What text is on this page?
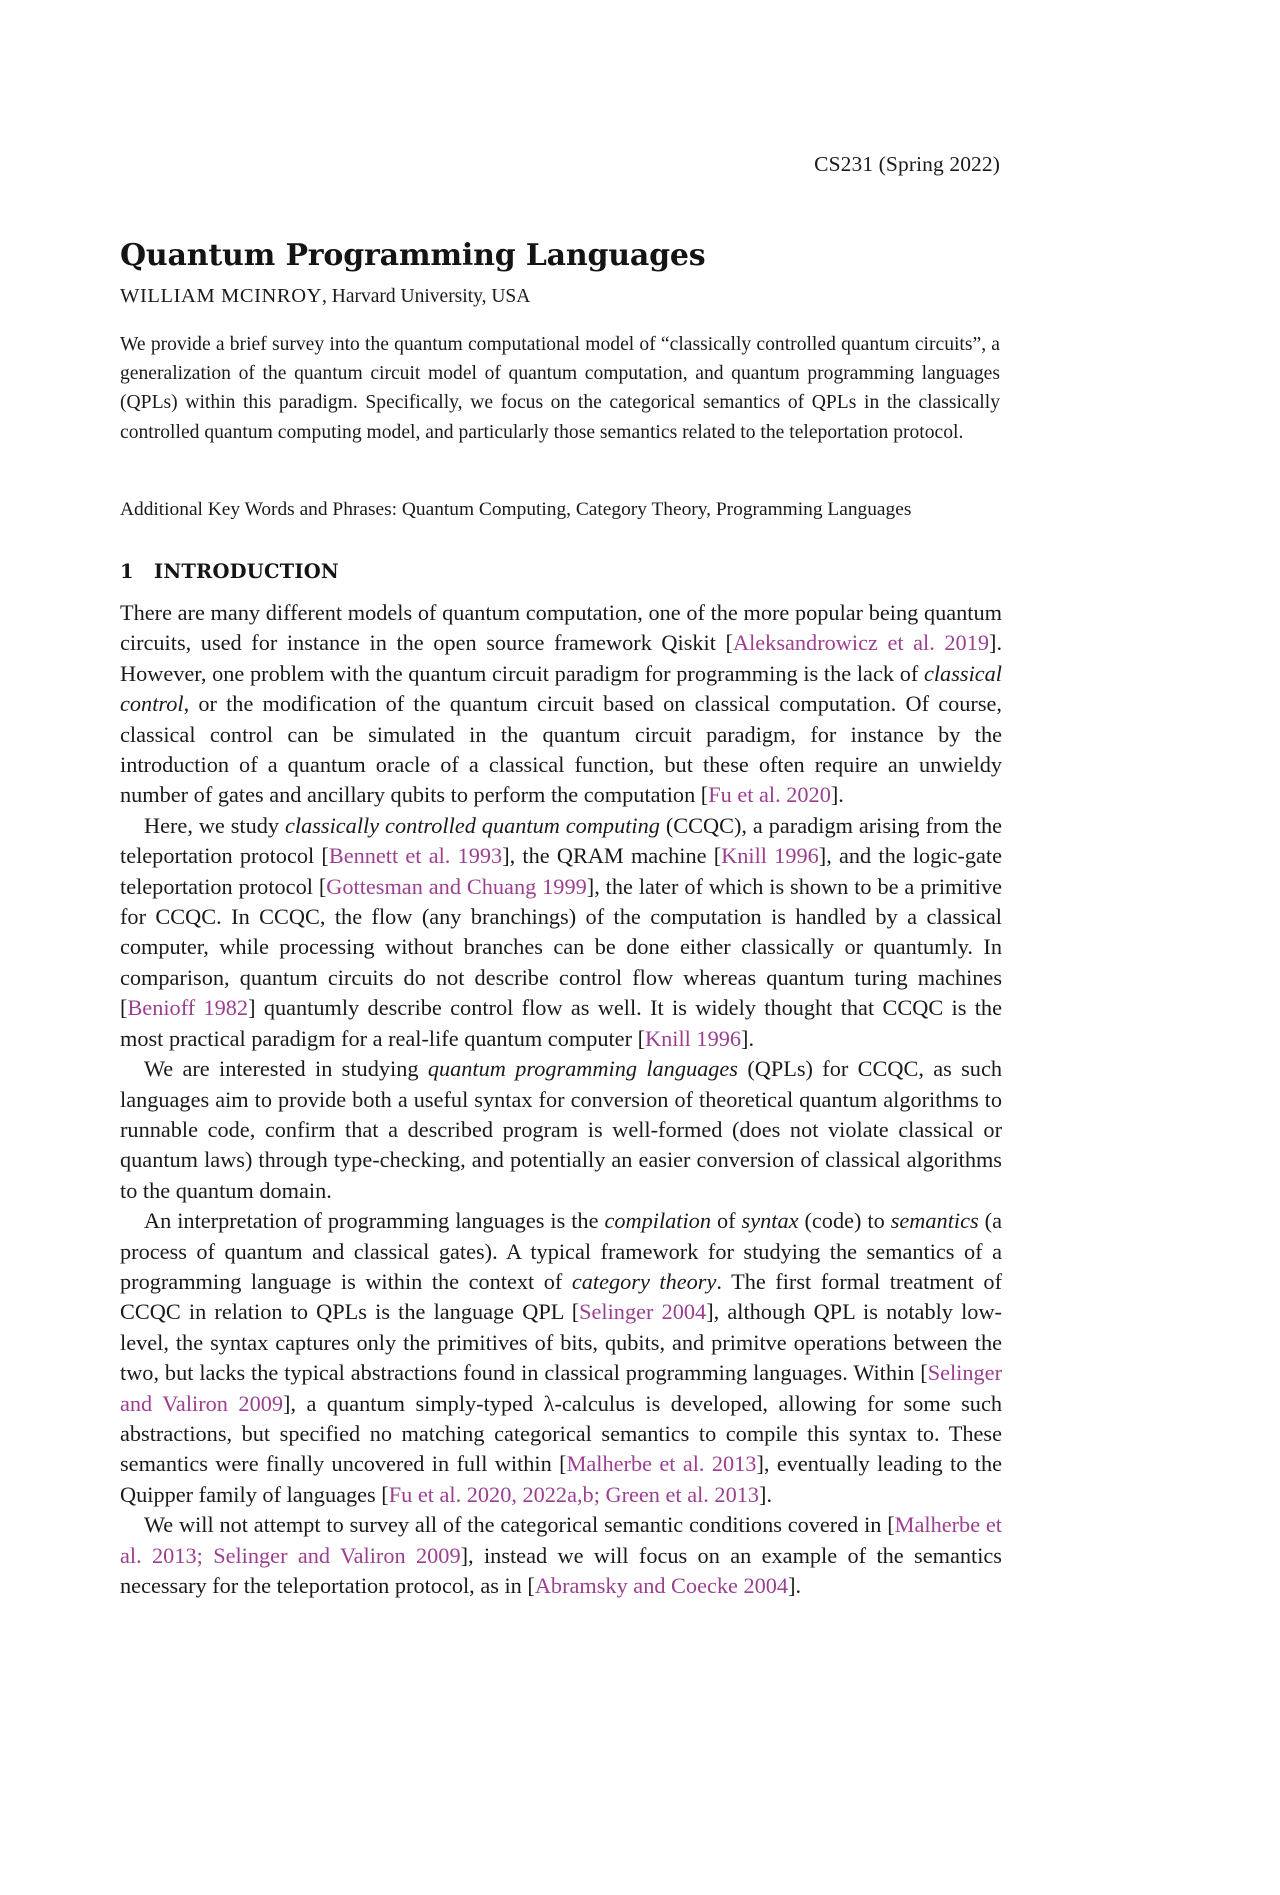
CS231 (Spring 2022)
Quantum Programming Languages
WILLIAM MCINROY, Harvard University, USA
We provide a brief survey into the quantum computational model of “classically controlled quantum circuits”, a generalization of the quantum circuit model of quantum computation, and quantum programming languages (QPLs) within this paradigm. Specifically, we focus on the categorical semantics of QPLs in the classically controlled quantum computing model, and particularly those semantics related to the teleportation protocol.
Additional Key Words and Phrases: Quantum Computing, Category Theory, Programming Languages
1 INTRODUCTION

There are many different models of quantum computation, one of the more popular being quantum circuits, used for instance in the open source framework Qiskit [Aleksandrowicz et al. 2019]. However, one problem with the quantum circuit paradigm for programming is the lack of classical control, or the modification of the quantum circuit based on classical computation. Of course, classical control can be simulated in the quantum circuit paradigm, for instance by the introduction of a quantum oracle of a classical function, but these often require an unwieldy number of gates and ancillary qubits to perform the computation [Fu et al. 2020].

Here, we study classically controlled quantum computing (CCQC), a paradigm arising from the teleportation protocol [Bennett et al. 1993], the QRAM machine [Knill 1996], and the logic-gate teleportation protocol [Gottesman and Chuang 1999], the later of which is shown to be a primitive for CCQC. In CCQC, the flow (any branchings) of the computation is handled by a classical computer, while processing without branches can be done either classically or quantumly. In comparison, quantum circuits do not describe control flow whereas quantum turing machines [Benioff 1982] quantumly describe control flow as well. It is widely thought that CCQC is the most practical paradigm for a real-life quantum computer [Knill 1996].

We are interested in studying quantum programming languages (QPLs) for CCQC, as such languages aim to provide both a useful syntax for conversion of theoretical quantum algorithms to runnable code, confirm that a described program is well-formed (does not violate classical or quantum laws) through type-checking, and potentially an easier conversion of classical algorithms to the quantum domain.

An interpretation of programming languages is the compilation of syntax (code) to semantics (a process of quantum and classical gates). A typical framework for studying the semantics of a programming language is within the context of category theory. The first formal treatment of CCQC in relation to QPLs is the language QPL [Selinger 2004], although QPL is notably low-level, the syntax captures only the primitives of bits, qubits, and primitve operations between the two, but lacks the typical abstractions found in classical programming languages. Within [Selinger and Valiron 2009], a quantum simply-typed λ-calculus is developed, allowing for some such abstractions, but specified no matching categorical semantics to compile this syntax to. These semantics were finally uncovered in full within [Malherbe et al. 2013], eventually leading to the Quipper family of languages [Fu et al. 2020, 2022a,b; Green et al. 2013].

We will not attempt to survey all of the categorical semantic conditions covered in [Malherbe et al. 2013; Selinger and Valiron 2009], instead we will focus on an example of the semantics necessary for the teleportation protocol, as in [Abramsky and Coecke 2004].
